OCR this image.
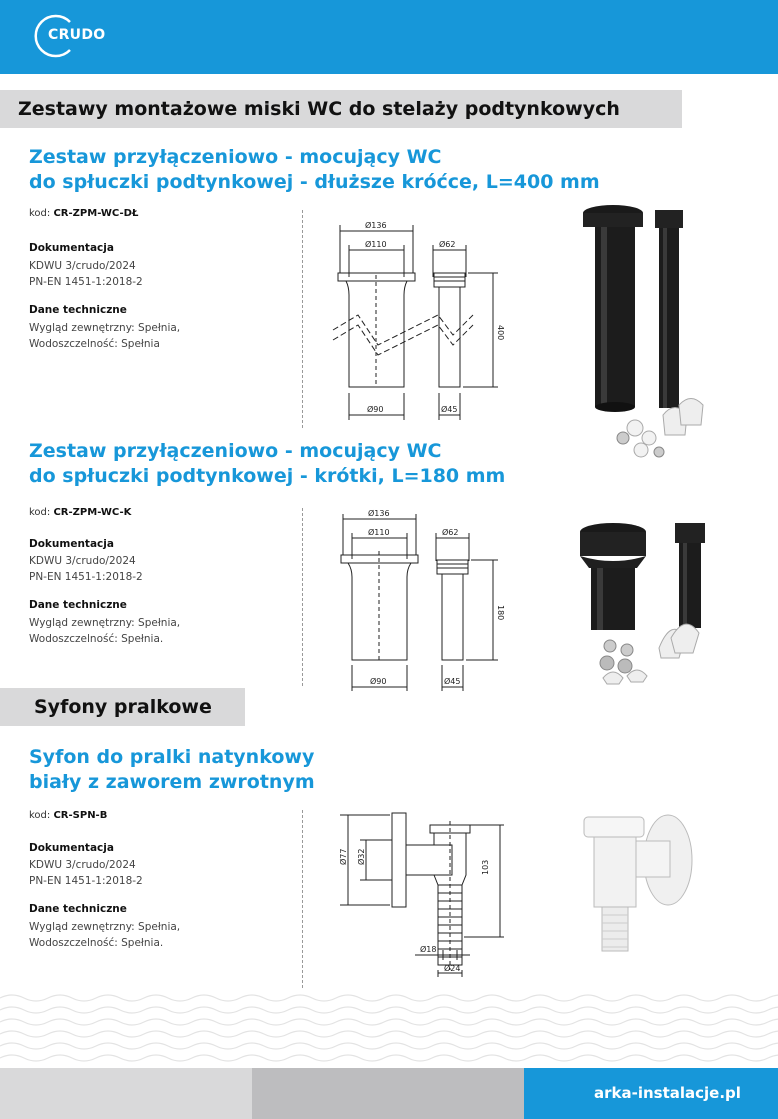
CRUDO
Zestawy montażowe miski WC do stelaży podtynkowych
Zestaw przyłączeniowo - mocujący WC
do spłuczki podtynkowej - dłuższe króćce, L=400 mm
kod: CR-ZPM-WC-DŁ
Dokumentacja
KDWU 3/crudo/2024
PN-EN 1451-1:2018-2
Dane techniczne
Wygląd zewnętrzny: Spełnia,
Wodoszczelność: Spełnia
Ø136
Ø110	Ø62
400
Ø90	Ø45
Zestaw przyłączeniowo - mocujący WC
do spłuczki podtynkowej - krótki, L=180 mm
kod: CR-ZPM-WC-K
Dokumentacja
KDWU 3/crudo/2024
PN-EN 1451-1:2018-2
Dane techniczne
Wygląd zewnętrzny: Spełnia,
Wodoszczelność: Spełnia.
Ø136
Ø110	Ø62
180
Ø90	Ø45
Syfony pralkowe
Syfon do pralki natynkowy
biały z zaworem zwrotnym
kod: CR-SPN-B
Dokumentacja
KDWU 3/crudo/2024
PN-EN 1451-1:2018-2
Dane techniczne
Wygląd zewnętrzny: Spełnia,
Wodoszczelność: Spełnia.
Ø77 Ø32
103
Ø18
Ø24
arka-instalacje.pl
